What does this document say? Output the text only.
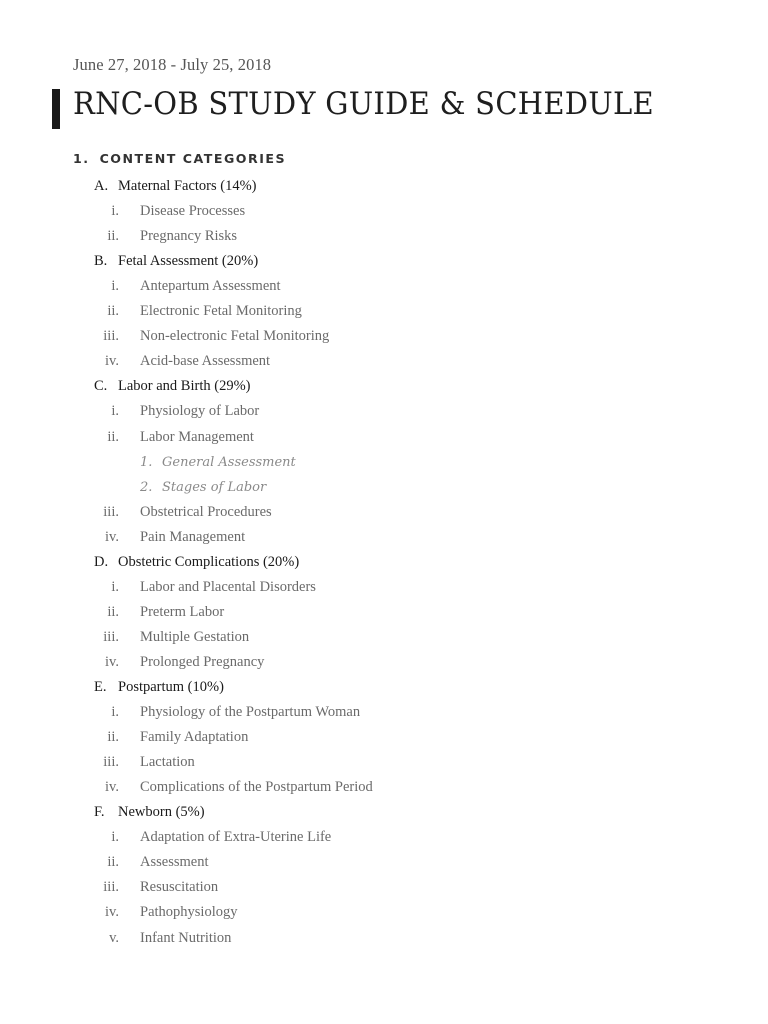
June 27, 2018 - July 25, 2018
RNC-OB STUDY GUIDE & SCHEDULE
1. CONTENT CATEGORIES
A. Maternal Factors (14%)
i. Disease Processes
ii. Pregnancy Risks
B. Fetal Assessment (20%)
i. Antepartum Assessment
ii. Electronic Fetal Monitoring
iii. Non-electronic Fetal Monitoring
iv. Acid-base Assessment
C. Labor and Birth (29%)
i. Physiology of Labor
ii. Labor Management
1. General Assessment
2. Stages of Labor
iii. Obstetrical Procedures
iv. Pain Management
D. Obstetric Complications (20%)
i. Labor and Placental Disorders
ii. Preterm Labor
iii. Multiple Gestation
iv. Prolonged Pregnancy
E. Postpartum (10%)
i. Physiology of the Postpartum Woman
ii. Family Adaptation
iii. Lactation
iv. Complications of the Postpartum Period
F. Newborn (5%)
i. Adaptation of Extra-Uterine Life
ii. Assessment
iii. Resuscitation
iv. Pathophysiology
v. Infant Nutrition
